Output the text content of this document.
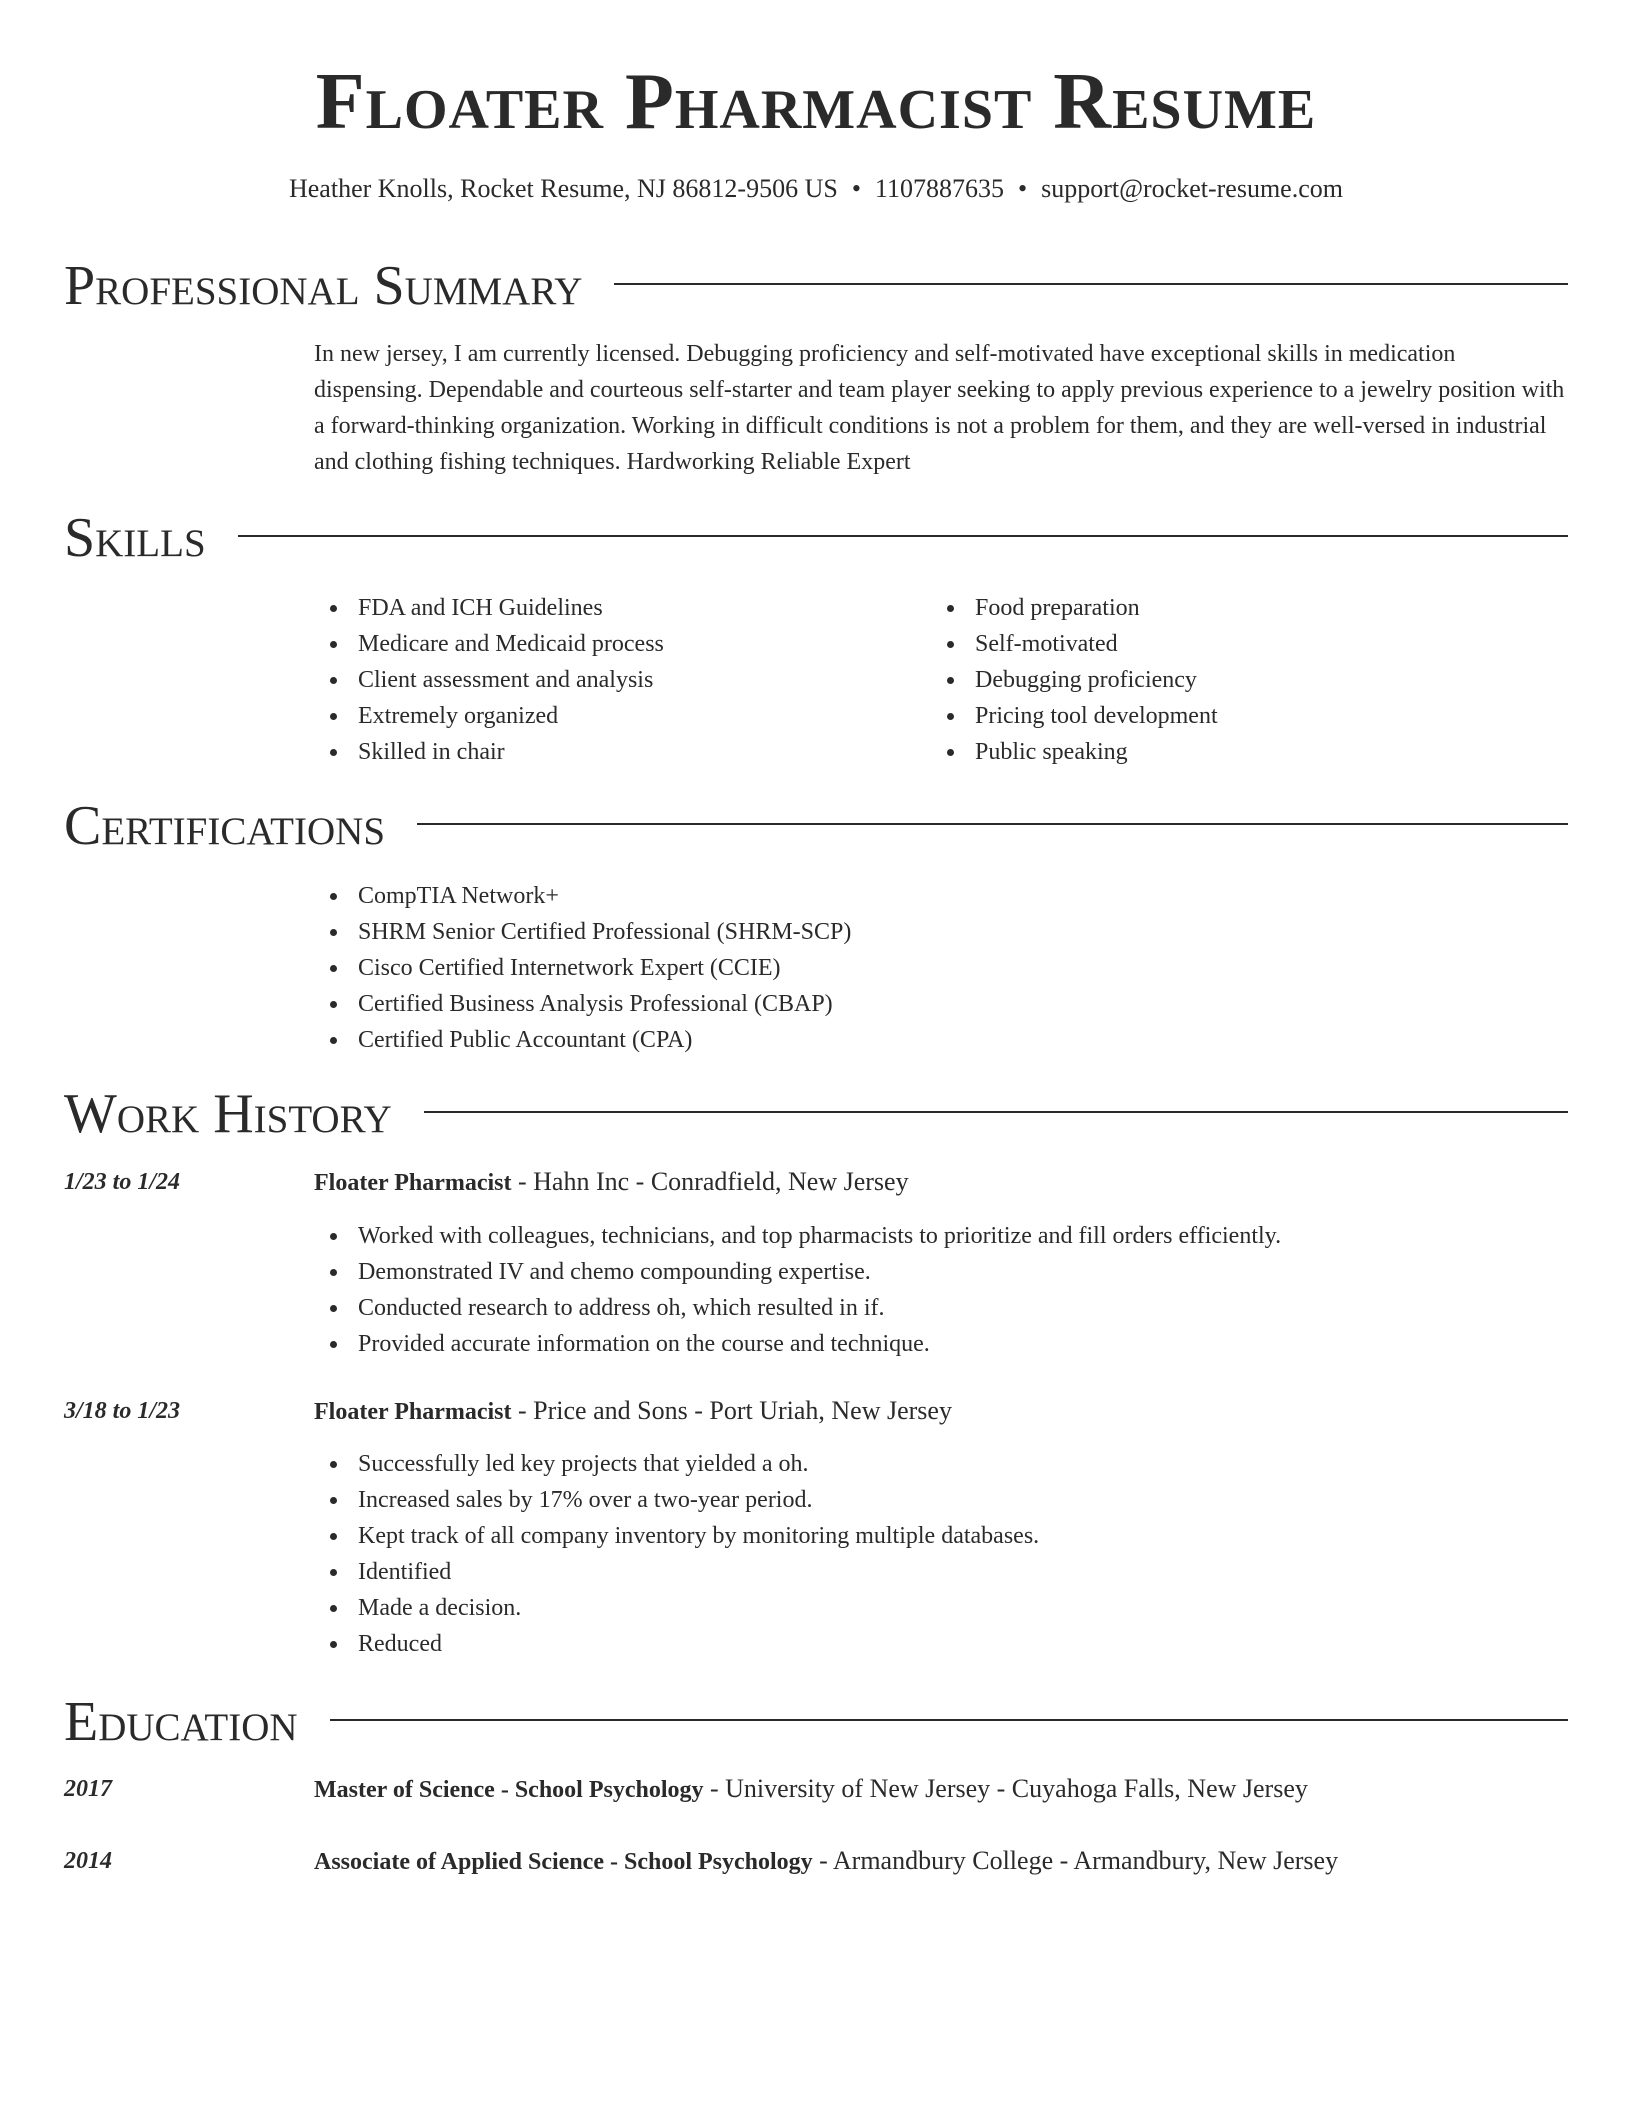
Floater Pharmacist Resume
Heather Knolls, Rocket Resume, NJ 86812-9506 US • 1107887635 • support@rocket-resume.com
Professional Summary

In new jersey, I am currently licensed. Debugging proficiency and self-motivated have exceptional skills in medication dispensing. Dependable and courteous self-starter and team player seeking to apply previous experience to a jewelry position with a forward-thinking organization. Working in difficult conditions is not a problem for them, and they are well-versed in industrial and clothing fishing techniques. Hardworking Reliable Expert

Skills
FDA and ICH Guidelines
Medicare and Medicaid process
Client assessment and analysis
Extremely organized
Skilled in chair
Food preparation
Self-motivated
Debugging proficiency
Pricing tool development
Public speaking
Certifications
CompTIA Network+
SHRM Senior Certified Professional (SHRM-SCP)
Cisco Certified Internetwork Expert (CCIE)
Certified Business Analysis Professional (CBAP)
Certified Public Accountant (CPA)
Work History
1/23 to 1/24	Floater Pharmacist - Hahn Inc - Conradfield, New Jersey
Worked with colleagues, technicians, and top pharmacists to prioritize and fill orders efficiently.
Demonstrated IV and chemo compounding expertise.
Conducted research to address oh, which resulted in if.
Provided accurate information on the course and technique.
3/18 to 1/23	Floater Pharmacist - Price and Sons - Port Uriah, New Jersey
Successfully led key projects that yielded a oh.
Increased sales by 17% over a two-year period.
Kept track of all company inventory by monitoring multiple databases.
Identified
Made a decision.
Reduced
Education
2017	Master of Science - School Psychology - University of New Jersey - Cuyahoga Falls, New Jersey
2014	Associate of Applied Science - School Psychology - Armandbury College - Armandbury, New Jersey
